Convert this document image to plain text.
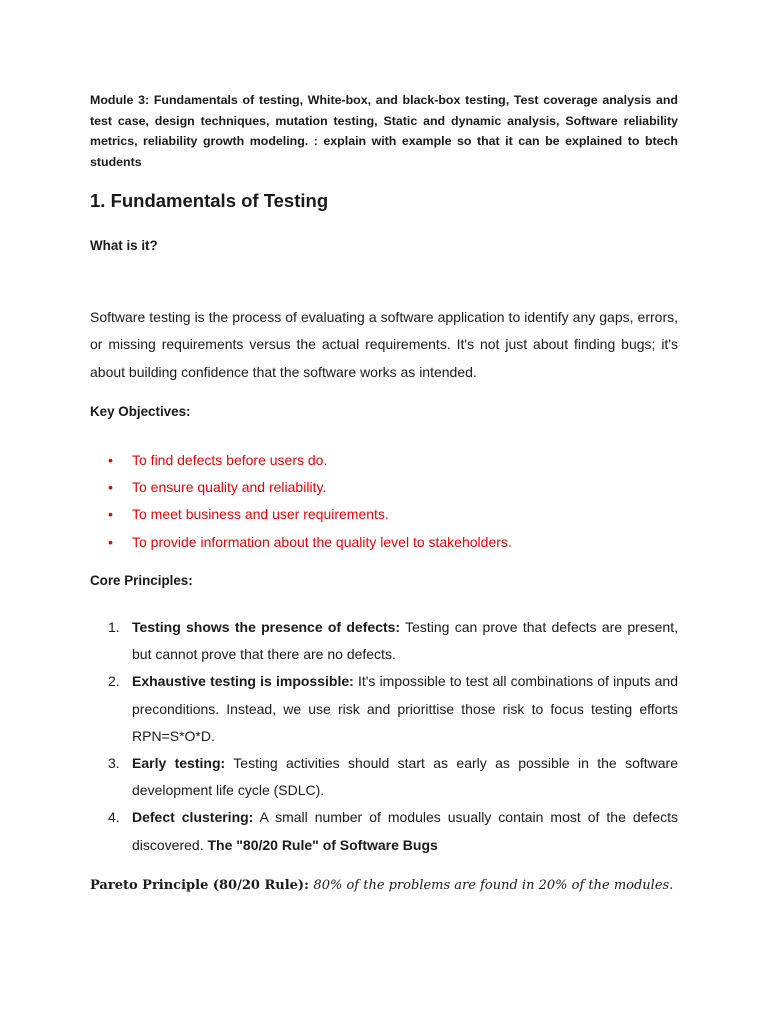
Module 3: Fundamentals of testing, White-box, and black-box testing, Test coverage analysis and test case, design techniques, mutation testing, Static and dynamic analysis, Software reliability metrics, reliability growth modeling. : explain with example so that it can be explained to btech students

1. Fundamentals of Testing

What is it?

Software testing is the process of evaluating a software application to identify any gaps, errors, or missing requirements versus the actual requirements. It's not just about finding bugs; it's about building confidence that the software works as intended.

Key Objectives:

• To find defects before users do.
• To ensure quality and reliability.
• To meet business and user requirements.
• To provide information about the quality level to stakeholders.

Core Principles:

1. Testing shows the presence of defects: Testing can prove that defects are present, but cannot prove that there are no defects.
2. Exhaustive testing is impossible: It's impossible to test all combinations of inputs and preconditions. Instead, we use risk and priorittise those risk to focus testing efforts RPN=S*O*D.
3. Early testing: Testing activities should start as early as possible in the software development life cycle (SDLC).
4. Defect clustering: A small number of modules usually contain most of the defects discovered. The "80/20 Rule" of Software Bugs

Pareto Principle (80/20 Rule): 80% of the problems are found in 20% of the modules.
